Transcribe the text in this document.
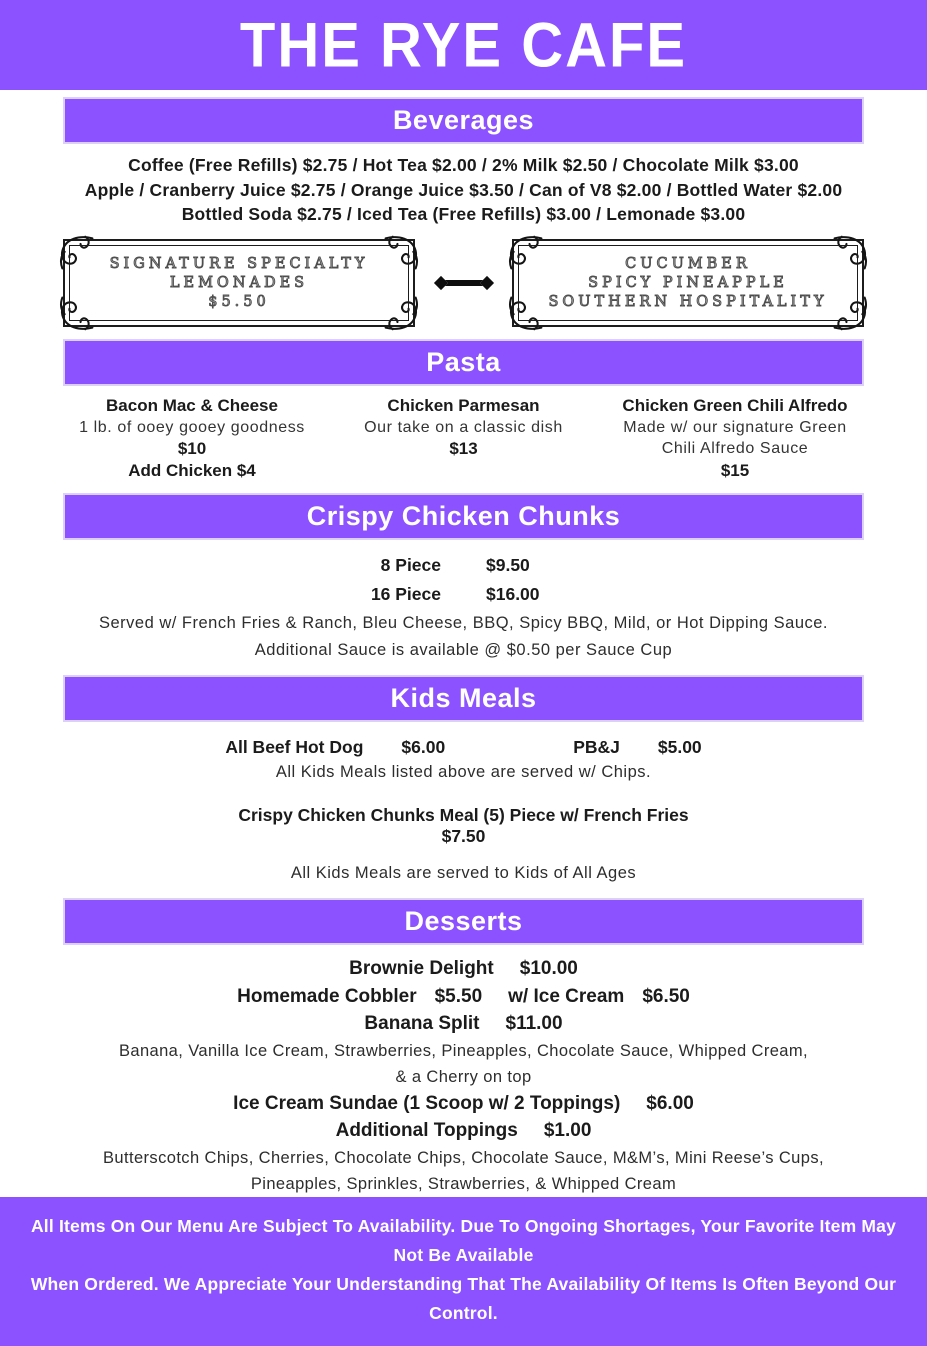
THE RYE CAFE
Beverages

Coffee (Free Refills) $2.75 / Hot Tea $2.00 / 2% Milk $2.50 / Chocolate Milk $3.00

Apple / Cranberry Juice $2.75 / Orange Juice $3.50 / Can of V8 $2.00 / Bottled Water $2.00

Bottled Soda $2.75 / Iced Tea (Free Refills) $3.00 / Lemonade $3.00

SIGNATURE SPECIALTY
LEMONADES
$5.50
CUCUMBER
SPICY PINEAPPLE
SOUTHERN HOSPITALITY
Pasta

Bacon Mac & Cheese

1 lb. of ooey gooey goodness

$10

Add Chicken $4

Chicken Parmesan

Our take on a classic dish

$13

Chicken Green Chili Alfredo

Made w/ our signature Green Chili Alfredo Sauce

$15

Crispy Chicken Chunks
8 Piece	$9.50
16 Piece	$16.00

Served w/ French Fries & Ranch, Bleu Cheese, BBQ, Spicy BBQ, Mild, or Hot Dipping Sauce.

Additional Sauce is available @ $0.50 per Sauce Cup

Kids Meals
All Beef Hot Dog $6.00	PB&J $5.00

All Kids Meals listed above are served w/ Chips.

Crispy Chicken Chunks Meal (5) Piece w/ French Fries

$7.50

All Kids Meals are served to Kids of All Ages

Desserts
Brownie Delight $10.00
Homemade Cobbler $5.50 w/ Ice Cream $6.50
Banana Split $11.00

Banana, Vanilla Ice Cream, Strawberries, Pineapples, Chocolate Sauce, Whipped Cream,

& a Cherry on top

Ice Cream Sundae (1 Scoop w/ 2 Toppings) $6.00
Additional Toppings $1.00

Butterscotch Chips, Cherries, Chocolate Chips, Chocolate Sauce, M&M’s, Mini Reese’s Cups,

Pineapples, Sprinkles, Strawberries, & Whipped Cream

All Items On Our Menu Are Subject To Availability. Due To Ongoing Shortages, Your Favorite Item May Not Be Available

When Ordered. We Appreciate Your Understanding That The Availability Of Items Is Often Beyond Our Control.
